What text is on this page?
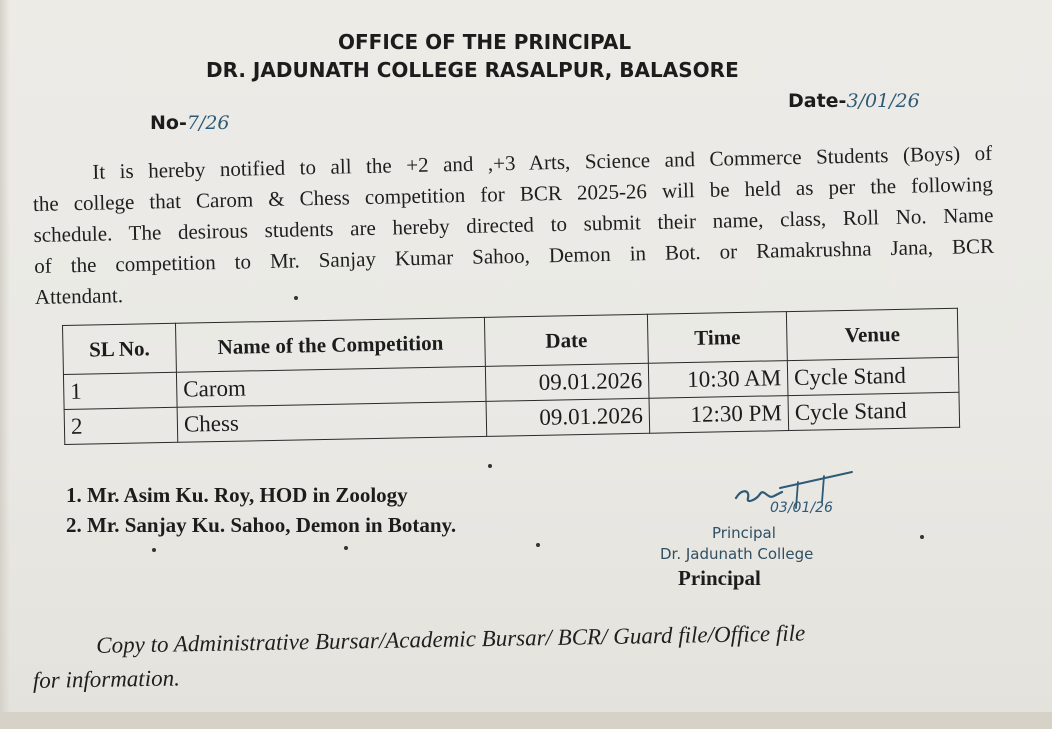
OFFICE OF THE PRINCIPAL
DR. JADUNATH COLLEGE RASALPUR, BALASORE
No-7/26
Date-3/01/26
It is hereby notified to all the +2 and ,+3 Arts, Science and Commerce Students (Boys) of
the college that Carom & Chess competition for BCR 2025-26 will be held as per the following
schedule. The desirous students are hereby directed to submit their name, class, Roll No. Name
of the competition to Mr. Sanjay Kumar Sahoo, Demon in Bot. or Ramakrushna Jana, BCR
Attendant.
SL No.	Name of the Competition	Date	Time	Venue
1	Carom	09.01.2026	10:30 AM	Cycle Stand
2	Chess	09.01.2026	12:30 PM	Cycle Stand
1. Mr. Asim Ku. Roy, HOD in Zoology
2. Mr. Sanjay Ku. Sahoo, Demon in Botany.
03/01/26
Principal
Dr. Jadunath College
Principal
Copy to Administrative Bursar/Academic Bursar/ BCR/ Guard file/Office file
for information.
